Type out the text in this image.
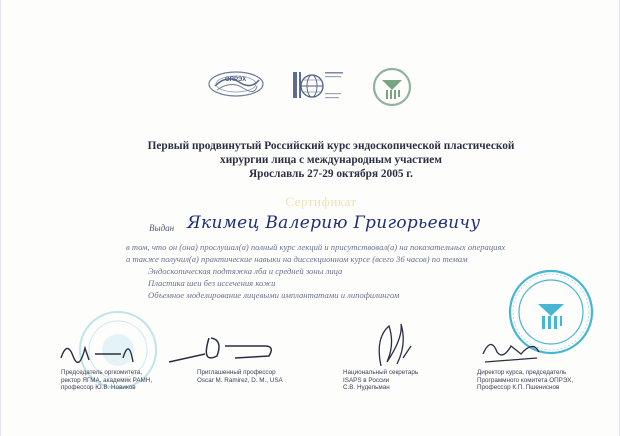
ОПРЭХ
Первый продвинутый Российский курс эндоскопической пластической
хирургии лица с международным участием
Ярославль 27-29 октября 2005 г.
Сертификат
Выдан Якимец Валерию Григорьевичу
в том, что он (она) прослушал(а) полный курс лекций и присутствовал(а) на показательных операциях
а также получил(а) практические навыки на диссекционном курсе (всего 36 часов) по темам
Эндоскопическая подтяжка лба и средней зоны лица
Пластика шеи без иссечения кожи
Объемное моделирование лицевыми имплантатами и липофилингом
Председатель оргкомитета,
ректор ЯГМА, академик РАМН,
профессор Ю.В. Новиков
Приглашенный профессор
Oscar M. Ramirez, D. M., USA
Национальный секретарь
ISAPS в России
С.В. Нудельман
Директор курса, председатель
Программного комитета ОПРЭХ,
Профессор К.П. Пшениснов
